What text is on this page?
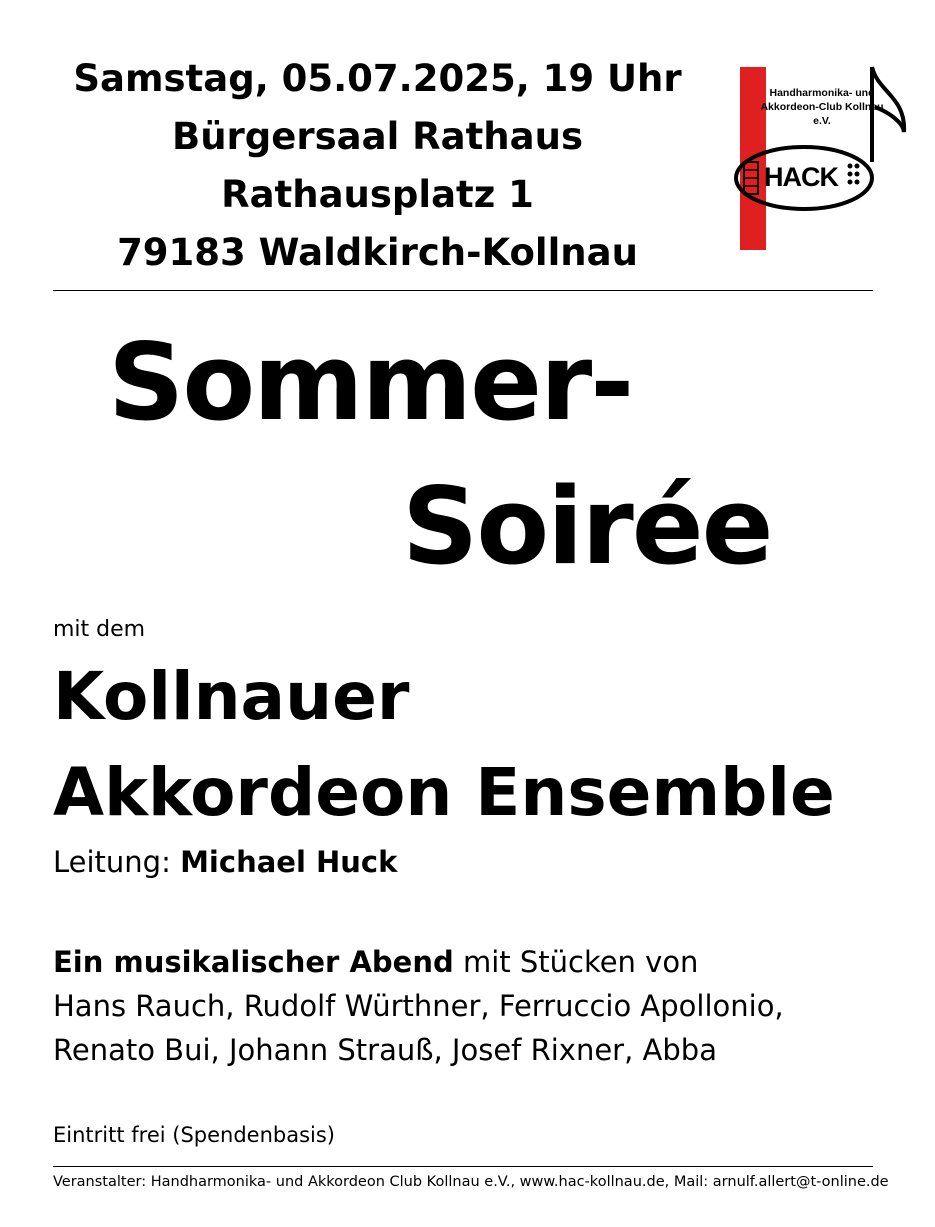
Samstag, 05.07.2025, 19 Uhr
Bürgersaal Rathaus
Rathausplatz 1
79183 Waldkirch-Kollnau
Handharmonika- und
Akkordeon-Club Kollnau
e.V.
HACK
Sommer-
Soirée
mit dem
Kollnauer
Akkordeon Ensemble
Leitung: Michael Huck
Ein musikalischer Abend mit Stücken von
Hans Rauch, Rudolf Würthner, Ferruccio Apollonio,
Renato Bui, Johann Strauß, Josef Rixner, Abba
Eintritt frei (Spendenbasis)
Veranstalter: Handharmonika- und Akkordeon Club Kollnau e.V., www.hac-kollnau.de, Mail: arnulf.allert@t-online.de
